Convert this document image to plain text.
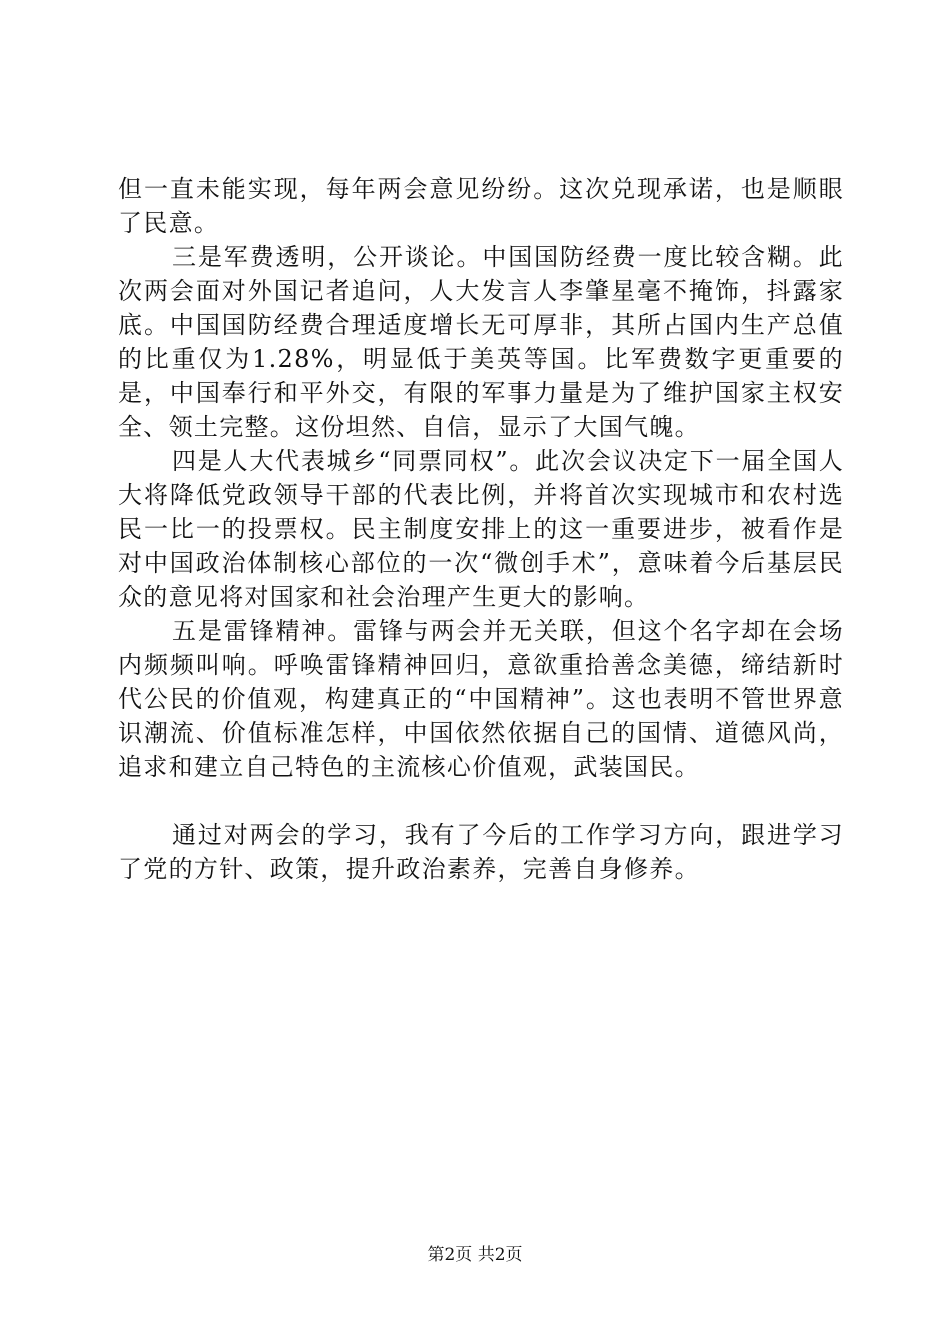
但一直未能实现，每年两会意见纷纷。这次兑现承诺，也是顺眼了民意。

三是军费透明，公开谈论。中国国防经费一度比较含糊。此次两会面对外国记者追问，人大发言人李肇星毫不掩饰，抖露家底。中国国防经费合理适度增长无可厚非，其所占国内生产总值的比重仅为1.28%，明显低于美英等国。比军费数字更重要的是，中国奉行和平外交，有限的军事力量是为了维护国家主权安全、领土完整。这份坦然、自信，显示了大国气魄。

四是人大代表城乡“同票同权”。此次会议决定下一届全国人大将降低党政领导干部的代表比例，并将首次实现城市和农村选民一比一的投票权。民主制度安排上的这一重要进步，被看作是对中国政治体制核心部位的一次“微创手术”，意味着今后基层民众的意见将对国家和社会治理产生更大的影响。

五是雷锋精神。雷锋与两会并无关联，但这个名字却在会场内频频叫响。呼唤雷锋精神回归，意欲重拾善念美德，缔结新时代公民的价值观，构建真正的“中国精神”。这也表明不管世界意识潮流、价值标准怎样，中国依然依据自己的国情、道德风尚，追求和建立自己特色的主流核心价值观，武装国民。

通过对两会的学习，我有了今后的工作学习方向，跟进学习了党的方针、政策，提升政治素养，完善自身修养。

第2页 共2页
